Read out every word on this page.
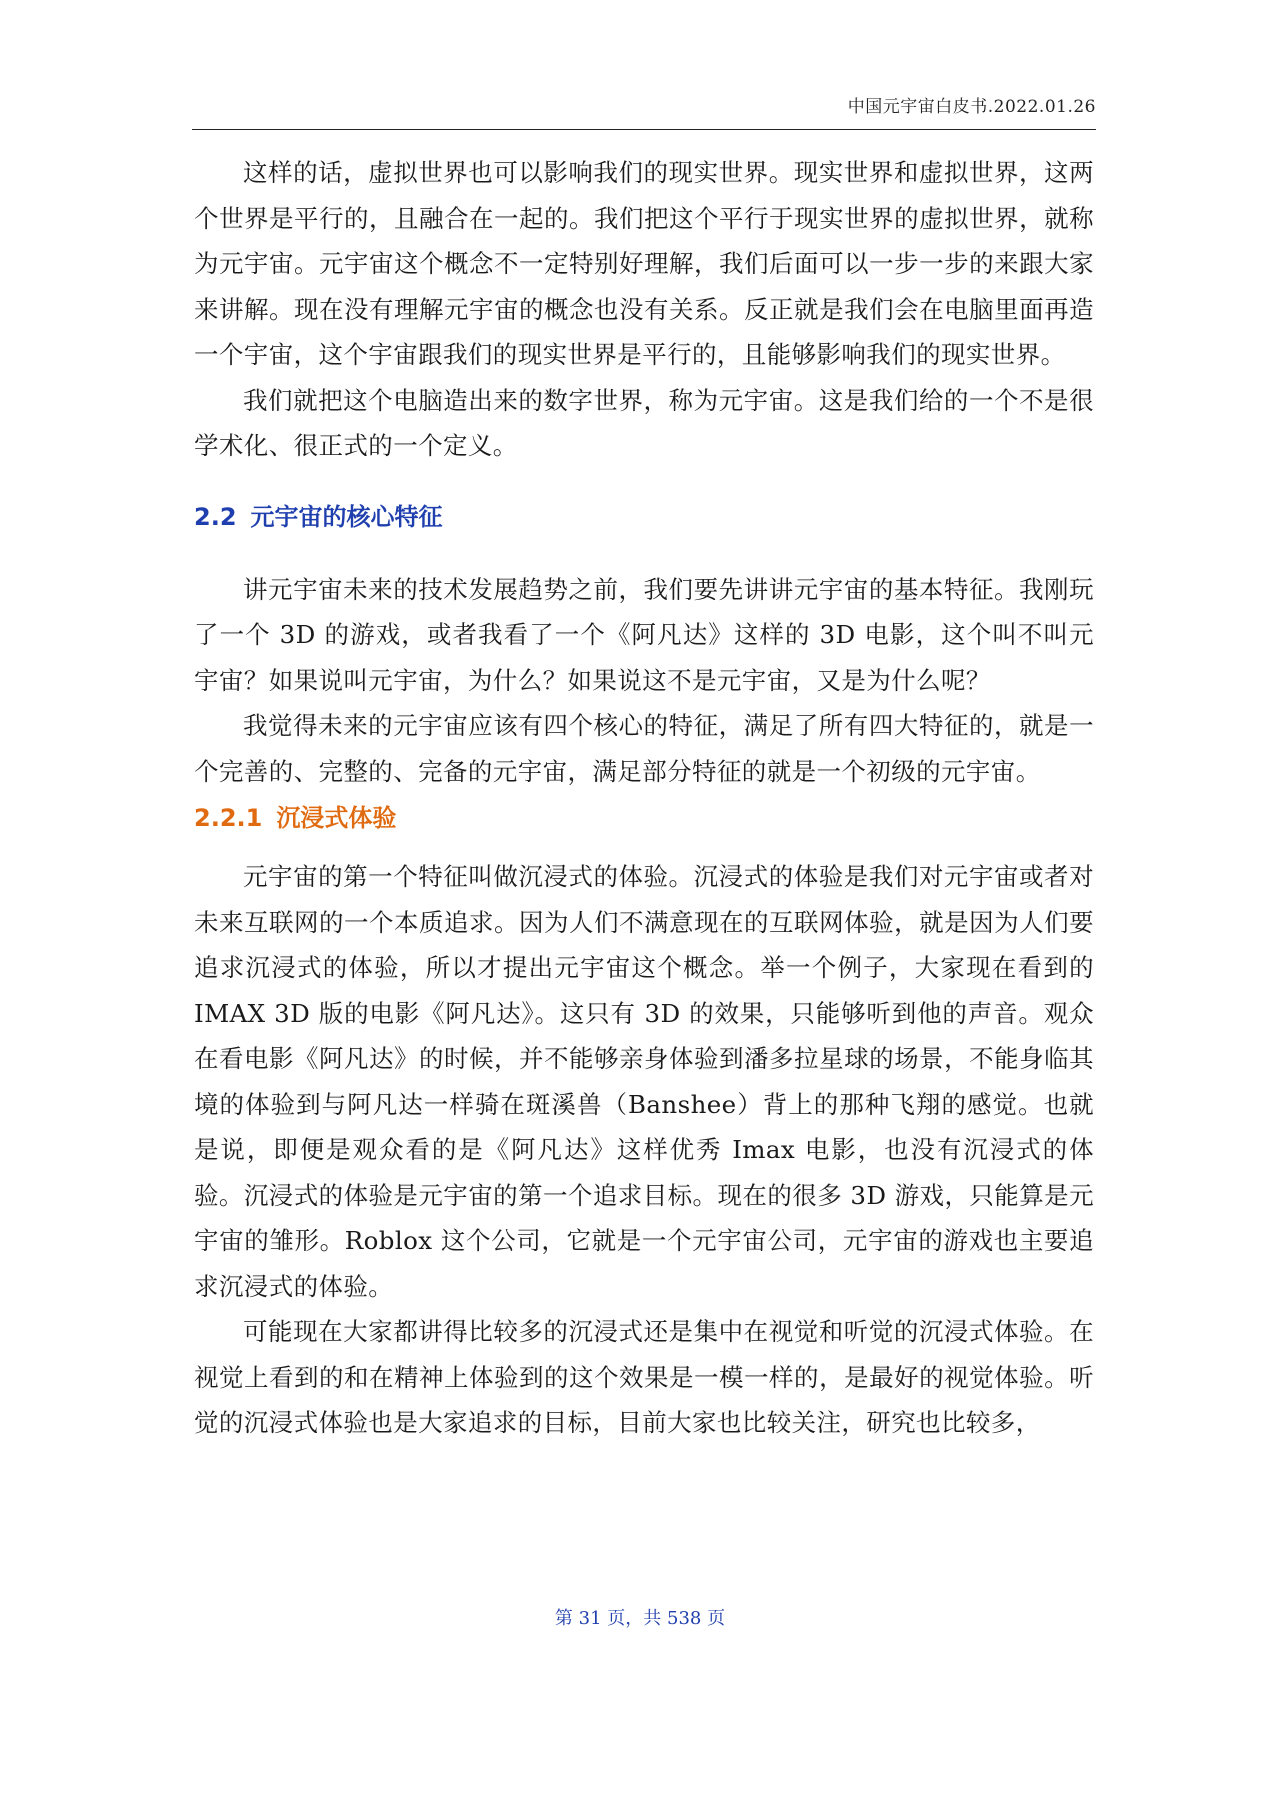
中国元宇宙白皮书.2022.01.26

这样的话，虚拟世界也可以影响我们的现实世界。现实世界和虚拟世界，这两个世界是平行的，且融合在一起的。我们把这个平行于现实世界的虚拟世界，就称为元宇宙。元宇宙这个概念不一定特别好理解，我们后面可以一步一步的来跟大家来讲解。现在没有理解元宇宙的概念也没有关系。反正就是我们会在电脑里面再造一个宇宙，这个宇宙跟我们的现实世界是平行的，且能够影响我们的现实世界。

我们就把这个电脑造出来的数字世界，称为元宇宙。这是我们给的一个不是很学术化、很正式的一个定义。

2.2 元宇宙的核心特征

讲元宇宙未来的技术发展趋势之前，我们要先讲讲元宇宙的基本特征。我刚玩了一个 3D 的游戏，或者我看了一个《阿凡达》这样的 3D 电影，这个叫不叫元宇宙？如果说叫元宇宙，为什么？如果说这不是元宇宙，又是为什么呢？

我觉得未来的元宇宙应该有四个核心的特征，满足了所有四大特征的，就是一个完善的、完整的、完备的元宇宙，满足部分特征的就是一个初级的元宇宙。

2.2.1 沉浸式体验

元宇宙的第一个特征叫做沉浸式的体验。沉浸式的体验是我们对元宇宙或者对未来互联网的一个本质追求。因为人们不满意现在的互联网体验，就是因为人们要追求沉浸式的体验，所以才提出元宇宙这个概念。举一个例子，大家现在看到的 IMAX 3D 版的电影《阿凡达》。这只有 3D 的效果，只能够听到他的声音。观众在看电影《阿凡达》的时候，并不能够亲身体验到潘多拉星球的场景，不能身临其境的体验到与阿凡达一样骑在斑溪兽（Banshee）背上的那种飞翔的感觉。也就是说，即便是观众看的是《阿凡达》这样优秀 Imax 电影，也没有沉浸式的体验。沉浸式的体验是元宇宙的第一个追求目标。现在的很多 3D 游戏，只能算是元宇宙的雏形。Roblox 这个公司，它就是一个元宇宙公司，元宇宙的游戏也主要追求沉浸式的体验。

可能现在大家都讲得比较多的沉浸式还是集中在视觉和听觉的沉浸式体验。在视觉上看到的和在精神上体验到的这个效果是一模一样的，是最好的视觉体验。听觉的沉浸式体验也是大家追求的目标，目前大家也比较关注，研究也比较多，

第 31 页，共 538 页
